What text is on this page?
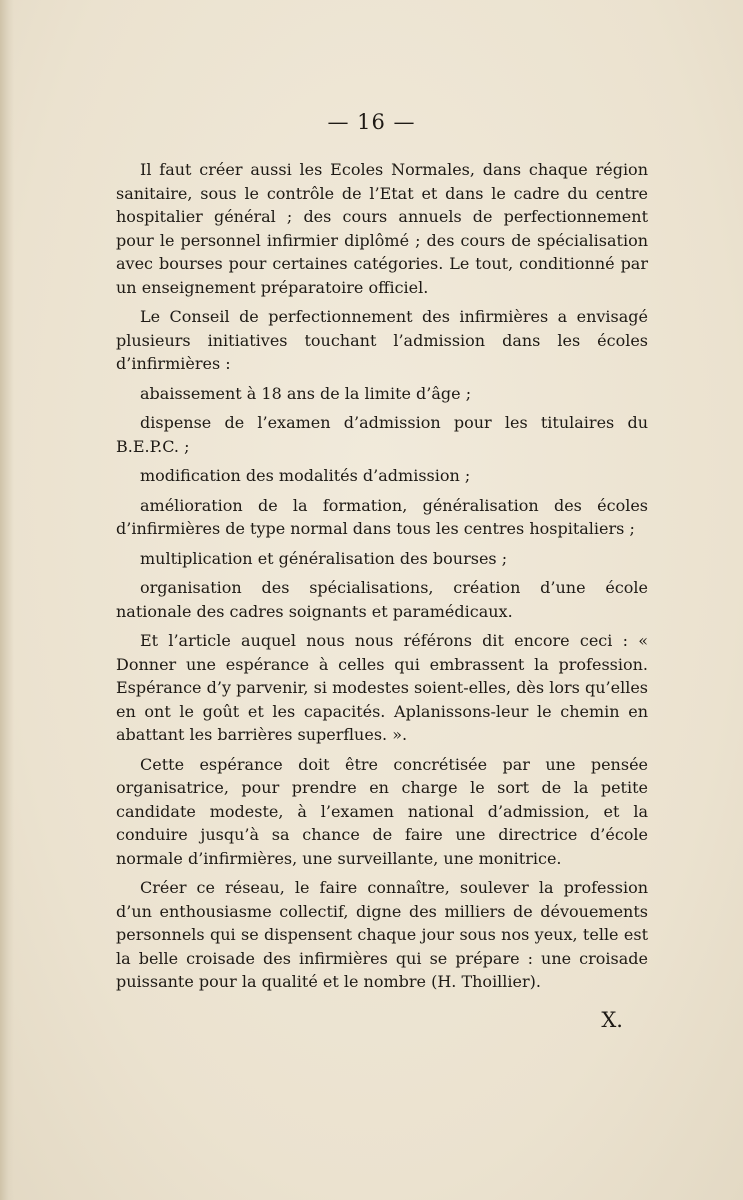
— 16 —

Il faut créer aussi les Ecoles Normales, dans chaque région sanitaire, sous le contrôle de l’Etat et dans le cadre du centre hospitalier général ; des cours annuels de perfectionnement pour le personnel infirmier diplômé ; des cours de spécialisation avec bourses pour certaines catégories. Le tout, conditionné par un enseignement préparatoire officiel.

Le Conseil de perfectionnement des infirmières a envisagé plusieurs initiatives touchant l’admission dans les écoles d’infirmières :

abaissement à 18 ans de la limite d’âge ;

dispense de l’examen d’admission pour les titulaires du B.E.P.C. ;

modification des modalités d’admission ;

amélioration de la formation, généralisation des écoles d’infirmières de type normal dans tous les centres hospitaliers ;

multiplication et généralisation des bourses ;

organisation des spécialisations, création d’une école nationale des cadres soignants et paramédicaux.

Et l’article auquel nous nous référons dit encore ceci : « Donner une espérance à celles qui embrassent la profession. Espérance d’y parvenir, si modestes soient-elles, dès lors qu’elles en ont le goût et les capacités. Aplanissons-leur le chemin en abattant les barrières superflues. ».

Cette espérance doit être concrétisée par une pensée organisatrice, pour prendre en charge le sort de la petite candidate modeste, à l’examen national d’admission, et la conduire jusqu’à sa chance de faire une directrice d’école normale d’infirmières, une surveillante, une monitrice.

Créer ce réseau, le faire connaître, soulever la profession d’un enthousiasme collectif, digne des milliers de dévouements personnels qui se dispensent chaque jour sous nos yeux, telle est la belle croisade des infirmières qui se prépare : une croisade puissante pour la qualité et le nombre (H. Thoillier).

X.
